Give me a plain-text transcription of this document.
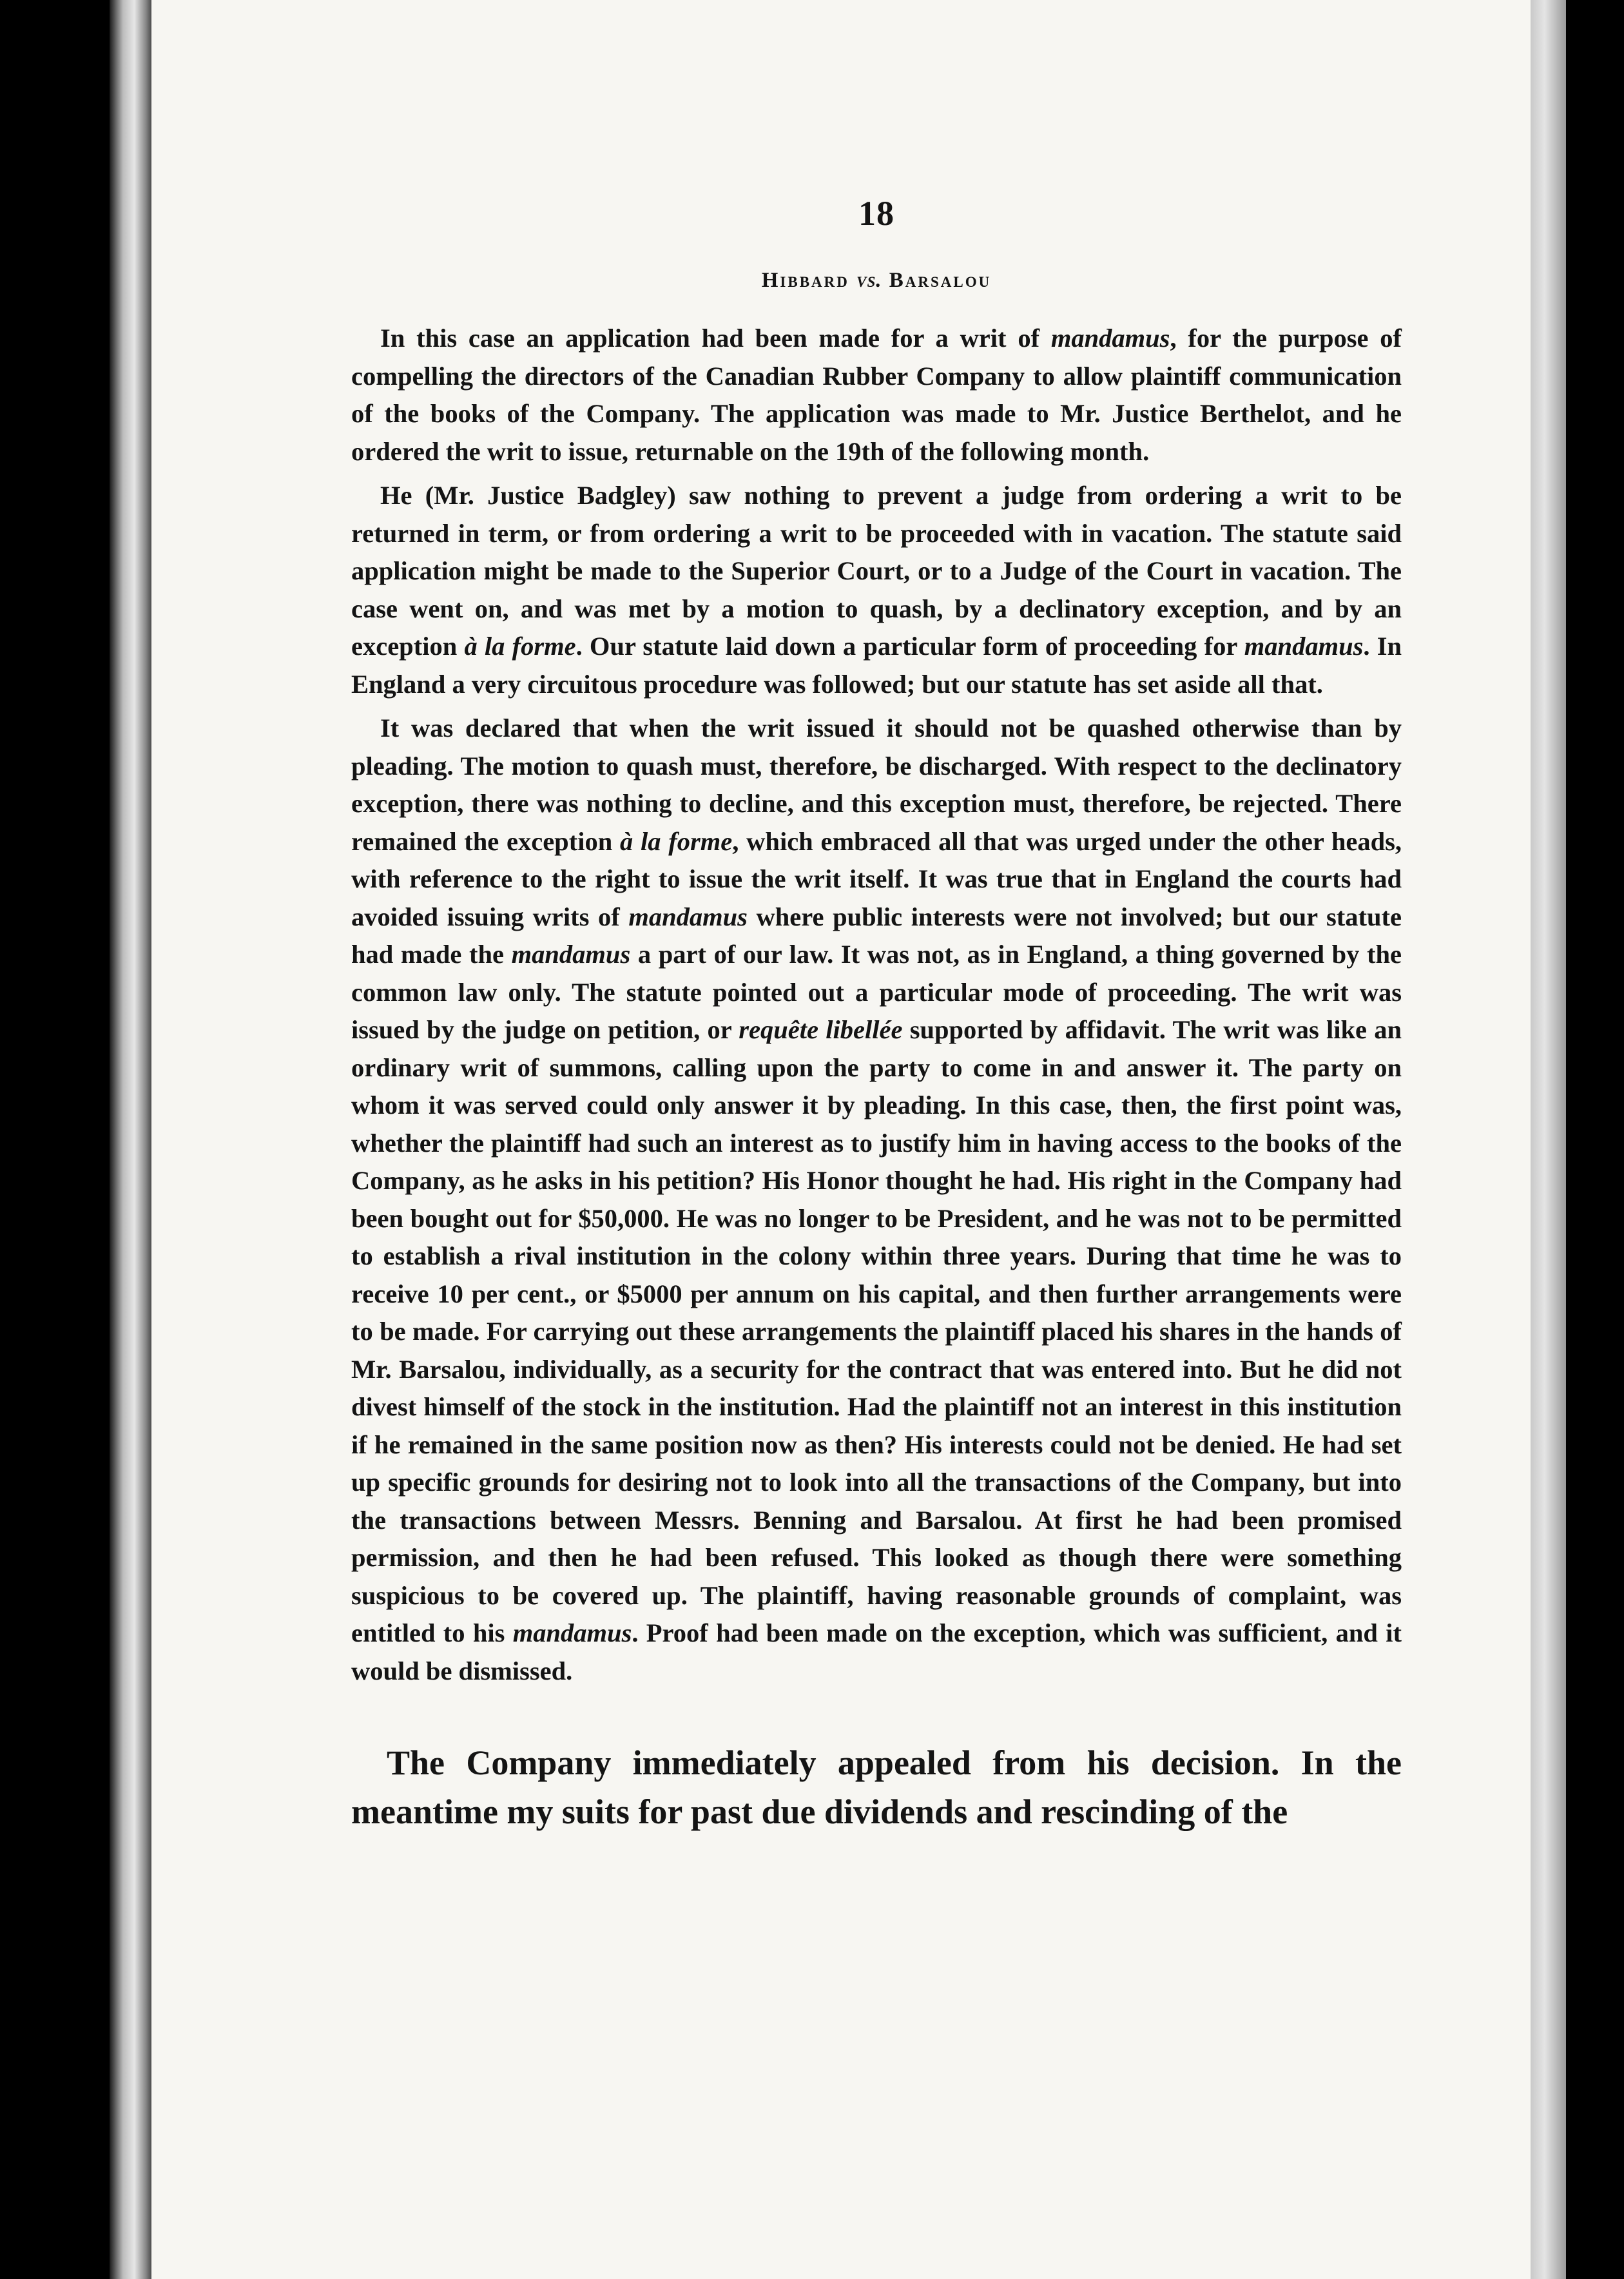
18
Hibbard vs. Barsalou

In this case an application had been made for a writ of mandamus, for the purpose of compelling the directors of the Canadian Rubber Company to allow plaintiff communication of the books of the Company. The application was made to Mr. Justice Berthelot, and he ordered the writ to issue, returnable on the 19th of the following month.

He (Mr. Justice Badgley) saw nothing to prevent a judge from ordering a writ to be returned in term, or from ordering a writ to be proceeded with in vacation. The statute said application might be made to the Superior Court, or to a Judge of the Court in vacation. The case went on, and was met by a motion to quash, by a declinatory exception, and by an exception à la forme. Our statute laid down a particular form of proceeding for mandamus. In England a very circuitous procedure was followed; but our statute has set aside all that.

It was declared that when the writ issued it should not be quashed otherwise than by pleading. The motion to quash must, therefore, be discharged. With respect to the declinatory exception, there was nothing to decline, and this exception must, therefore, be rejected. There remained the exception à la forme, which embraced all that was urged under the other heads, with reference to the right to issue the writ itself. It was true that in England the courts had avoided issuing writs of mandamus where public interests were not involved; but our statute had made the mandamus a part of our law. It was not, as in England, a thing governed by the common law only. The statute pointed out a particular mode of proceeding. The writ was issued by the judge on petition, or requête libellée supported by affidavit. The writ was like an ordinary writ of summons, calling upon the party to come in and answer it. The party on whom it was served could only answer it by pleading. In this case, then, the first point was, whether the plaintiff had such an interest as to justify him in having access to the books of the Company, as he asks in his petition? His Honor thought he had. His right in the Company had been bought out for $50,000. He was no longer to be President, and he was not to be permitted to establish a rival institution in the colony within three years. During that time he was to receive 10 per cent., or $5000 per annum on his capital, and then further arrangements were to be made. For carrying out these arrangements the plaintiff placed his shares in the hands of Mr. Barsalou, individually, as a security for the contract that was entered into. But he did not divest himself of the stock in the institution. Had the plaintiff not an interest in this institution if he remained in the same position now as then? His interests could not be denied. He had set up specific grounds for desiring not to look into all the transactions of the Company, but into the transactions between Messrs. Benning and Barsalou. At first he had been promised permission, and then he had been refused. This looked as though there were something suspicious to be covered up. The plaintiff, having reasonable grounds of complaint, was entitled to his mandamus. Proof had been made on the exception, which was sufficient, and it would be dismissed.

The Company immediately appealed from his decision. In the meantime my suits for past due dividends and rescinding of the
